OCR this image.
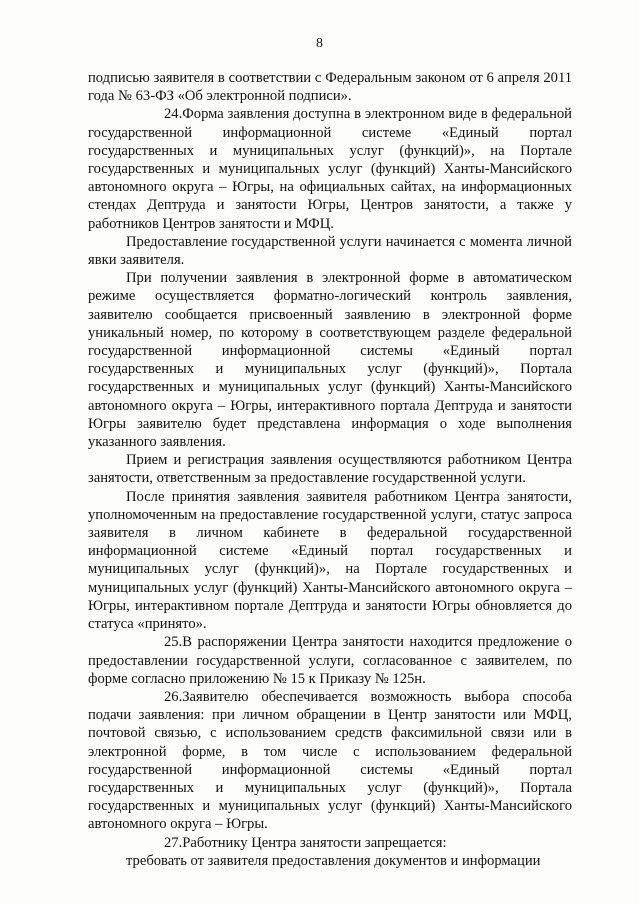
8

подписью заявителя в соответствии с Федеральным законом от 6 апреля 2011 года № 63-ФЗ «Об электронной подписи».

24.Форма заявления доступна в электронном виде в федеральной государственной информационной системе «Единый портал государственных и муниципальных услуг (функций)», на Портале государственных и муниципальных услуг (функций) Ханты-Мансийского автономного округа – Югры, на официальных сайтах, на информационных стендах Дептруда и занятости Югры, Центров занятости, а также у работников Центров занятости и МФЦ.

Предоставление государственной услуги начинается с момента личной явки заявителя.

При получении заявления в электронной форме в автоматическом режиме осуществляется форматно-логический контроль заявления, заявителю сообщается присвоенный заявлению в электронной форме уникальный номер, по которому в соответствующем разделе федеральной государственной информационной системы «Единый портал государственных и муниципальных услуг (функций)», Портала государственных и муниципальных услуг (функций) Ханты-Мансийского автономного округа – Югры, интерактивного портала Дептруда и занятости Югры заявителю будет представлена информация о ходе выполнения указанного заявления.

Прием и регистрация заявления осуществляются работником Центра занятости, ответственным за предоставление государственной услуги.

После принятия заявления заявителя работником Центра занятости, уполномоченным на предоставление государственной услуги, статус запроса заявителя в личном кабинете в федеральной государственной информационной системе «Единый портал государственных и муниципальных услуг (функций)», на Портале государственных и муниципальных услуг (функций) Ханты-Мансийского автономного округа – Югры, интерактивном портале Дептруда и занятости Югры обновляется до статуса «принято».

25.В распоряжении Центра занятости находится предложение о предоставлении государственной услуги, согласованное с заявителем, по форме согласно приложению № 15 к Приказу № 125н.

26.Заявителю обеспечивается возможность выбора способа подачи заявления: при личном обращении в Центр занятости или МФЦ, почтовой связью, с использованием средств факсимильной связи или в электронной форме, в том числе с использованием федеральной государственной информационной системы «Единый портал государственных и муниципальных услуг (функций)», Портала государственных и муниципальных услуг (функций) Ханты-Мансийского автономного округа – Югры.

27.Работнику Центра занятости запрещается:

требовать от заявителя предоставления документов и информации
